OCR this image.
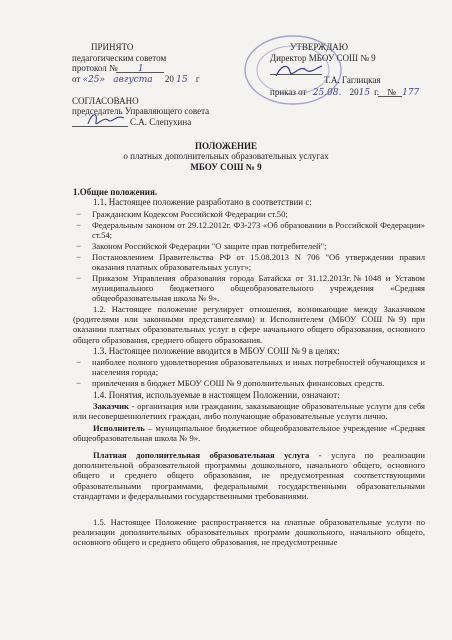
ПРИНЯТО
педагогическим советом
протокол № 1
от «25» августа 20 15 г
СОГЛАСОВАНО
председатель Управляющего совета
С.А. Слепухина
УТВЕРЖДАЮ
Директор МБОУ СОШ № 9
Т.А. Гаглицкая
приказ от 25.08. 2015 г. № 177
ПОЛОЖЕНИЕ
о платных дополнительных образовательных услугах
МБОУ СОШ № 9
1.Общие положения.
1.1. Настоящее положение разработано в соответствии с:
− Гражданским Кодексом Российской Федерации ст.50;
− Федеральным законом от 29.12.2012г. ФЗ-273 «Об образовании в Российской Федерации» ст.54;
− Законом Российской Федерации "О защите прав потребителей";
− Постановлением Правительства РФ от 15.08.2013 N 706 "Об утверждении правил оказания платных образовательных услуг»;
− Приказом Управления образования города Батайска от 31.12.2013г.№1048 и Уставом муниципального бюджетного общеобразовательного учреждения «Средняя общеобразовательная школа № 9».
1.2. Настоящее положение регулирует отношения, возникающие между Заказчиком (родителями или законными представителями) и Исполнителем (МБОУ СОШ №9) при оказании платных образовательных услуг в сфере начального общего образования, основного общего образования, среднего общего образования.
1.3. Настоящее положение вводится в МБОУ СОШ № 9 в целях:
− наиболее полного удовлетворения образовательных и иных потребностей обучающихся и населения города;
− привлечения в бюджет МБОУ СОШ № 9 дополнительных финансовых средств.
1.4. Понятия, используемые в настоящем Положении, означают:
Заказчик - организация или гражданин, заказывающие образовательные услуги для себя или несовершеннолетних граждан, либо получающие образовательные услуги лично.
Исполнитель – муниципальное бюджетное общеобразовательное учреждение «Средняя общеобразовательная школа № 9».
Платная дополнительная образовательная услуга - услуга по реализации дополнительной образовательной программы дошкольного, начального общего, основного общего и среднего общего образования, не предусмотренная соответствующими образовательными программами, федеральными государственными образовательными стандартами и федеральными государственными требованиями.
1.5. Настоящее Положение распространяется на платные образовательные услуги по реализации дополнительных образовательных программ дошкольного, начального общего, основного общего и среднего общего образования, не предусмотренные
